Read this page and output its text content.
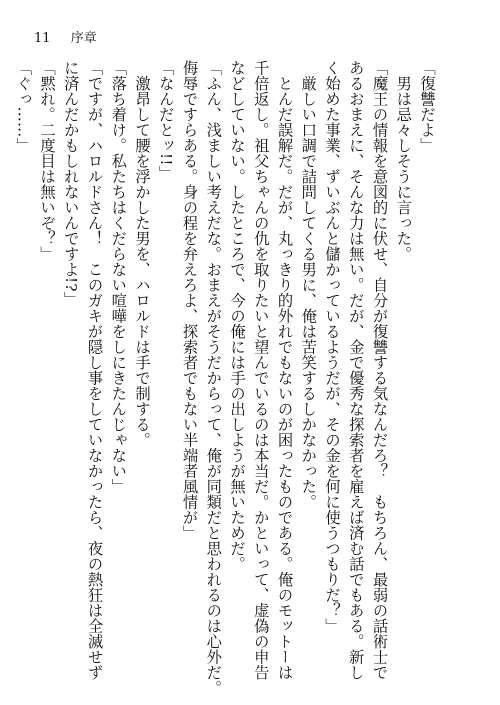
11 序章
「復讐だよ」
　男は忌々しそうに言った。
「魔王の情報を意図的に伏せ、自分が復讐する気なんだろ？　もちろん、最弱の話術士で
あるおまえに、そんな力は無い。だが、金で優秀な探索者を雇えば済む話でもある。新し
く始めた事業、ずいぶんと儲かっているようだが、その金を何に使うつもりだ？」
　厳しい口調で詰問してくる男に、俺は苦笑するしかなかった。
　とんだ誤解だ。だが、丸っきり的外れでもないのが困ったものである。俺のモットーは
千倍返し。祖父ちゃんの仇を取りたいと望んでいるのは本当だ。かといって、虚偽の申告
などしていない。したところで、今の俺には手の出しようが無いためだ。
「ふん、浅ましい考えだな。おまえがそうだからって、俺が同類だと思われるのは心外だ。
侮辱ですらある。身の程を弁えろよ、探索者でもない半端者風情が」
「なんだとッ!!」
　激昂して腰を浮かした男を、ハロルドは手で制する。
「落ち着け。私たちはくだらない喧嘩をしにきたんじゃない」
「ですが、ハロルドさん！　このガキが隠し事をしていなかったら、夜の熱狂は全滅せず
に済んだかもしれないんですよ!?」
「黙れ。二度目は無いぞ？」
「ぐっ……」
